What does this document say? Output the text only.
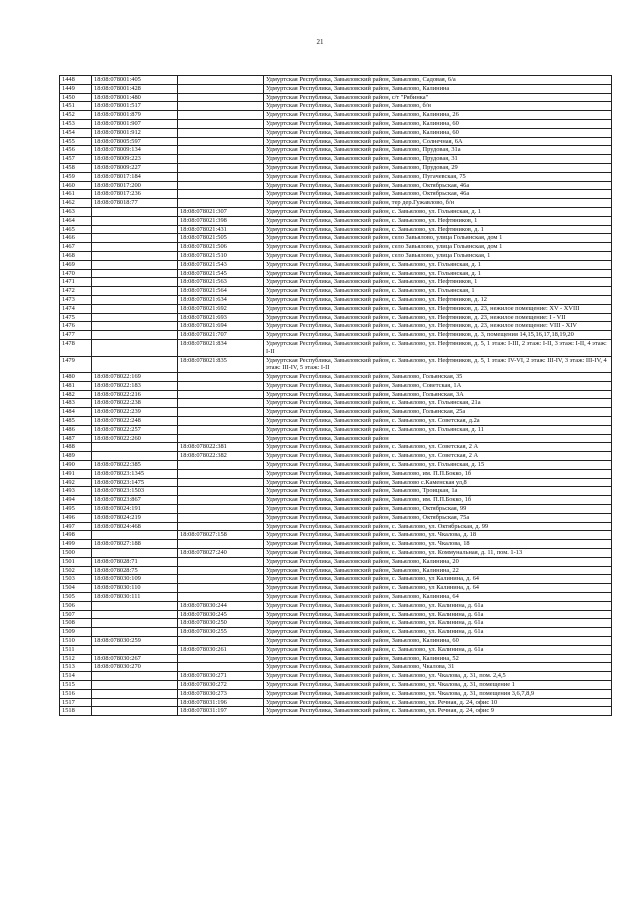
21
1448	18:08:078001:405		Удмуртская Республика, Завьяловский район, Завьялово, Садовая, 6/а
1449	18:08:078001:428		Удмуртская Республика, Завьяловский район, Завьялово, Калинина
1450	18:08:078001:480		Удмуртская Республика, Завьяловский район, с/т "Рябинка"
1451	18:08:078001:517		Удмуртская Республика, Завьяловский район, Завьялово, б/н
1452	18:08:078001:879		Удмуртская Республика, Завьяловский район, Завьялово, Калинина, 26
1453	18:08:078001:907		Удмуртская Республика, Завьяловский район, Завьялово, Калинина, 60
1454	18:08:078001:912		Удмуртская Республика, Завьяловский район, Завьялово, Калинина, 60
1455	18:08:078005:597		Удмуртская Республика, Завьяловский район, Завьялово, Солнечная, 6А
1456	18:08:078009:134		Удмуртская Республика, Завьяловский район, Завьялово, Прудовая, 31а
1457	18:08:078009:223		Удмуртская Республика, Завьяловский район, Завьялово, Прудовая, 31
1458	18:08:078009:227		Удмуртская Республика, Завьяловский район, Завьялово, Прудовая, 29
1459	18:08:078017:184		Удмуртская Республика, Завьяловский район, Завьялово, Пугачевская, 75
1460	18:08:078017:200		Удмуртская Республика, Завьяловский район, Завьялово, Октябрьская, 46а
1461	18:08:078017:236		Удмуртская Республика, Завьяловский район, Завьялово, Октябрьская, 46а
1462	18:08:078018:77		Удмуртская Республика, Завьяловский район, тер дер.Гужавлово, б/н
1463		18:08:078021:307	Удмуртская Республика, Завьяловский район, с. Завьялово, ул. Гольянская, д. 1
1464		18:08:078021:398	Удмуртская Республика, Завьяловский район, с. Завьялово, ул. Нефтяников, 1
1465		18:08:078021:431	Удмуртская Республика, Завьяловский район, с. Завьялово, ул. Нефтяников, д. 1
1466		18:08:078021:505	Удмуртская Республика, Завьяловский район, село Завьялово, улица Гольянская, дом 1
1467		18:08:078021:506	Удмуртская Республика, Завьяловский район, село Завьялово, улица Гольянская, дом 1
1468		18:08:078021:510	Удмуртская Республика, Завьяловский район, село Завьялово, улица Гольянская, 1
1469		18:08:078021:543	Удмуртская Республика, Завьяловский район, с. Завьялово, ул. Гольянская, д. 1
1470		18:08:078021:545	Удмуртская Республика, Завьяловский район, с. Завьялово, ул. Гольянская, д. 1
1471		18:08:078021:563	Удмуртская Республика, Завьяловский район, с. Завьялово, ул. Нефтяников, 1
1472		18:08:078021:564	Удмуртская Республика, Завьяловский район, с. Завьялово, ул. Гольянская, 1
1473		18:08:078021:634	Удмуртская Республика, Завьяловский район, с. Завьялово, ул. Нефтяников, д. 12
1474		18:08:078021:692	Удмуртская Республика, Завьяловский район, с. Завьялово, ул. Нефтяников, д. 23, нежилое помещение: XV - XVIII
1475		18:08:078021:693	Удмуртская Республика, Завьяловский район, с. Завьялово, ул. Нефтяников, д. 23, нежилое помещение: I - VII
1476		18:08:078021:694	Удмуртская Республика, Завьяловский район, с. Завьялово, ул. Нефтяников, д. 23, нежилое помещение: VIII - XIV
1477		18:08:078021:707	Удмуртская Республика, Завьяловский район, с. Завьялово, ул. Нефтяников, д. 3, помещения 14,15,16,17,18,19,20
1478		18:08:078021:834	Удмуртская Республика, Завьяловский район, с. Завьялово, ул. Нефтяников, д. 5, 1 этаж: I-III, 2 этаж: I-II, 3 этаж: I-II, 4 этаж: I-II
1479		18:08:078021:835	Удмуртская Республика, Завьяловский район, с. Завьялово, ул. Нефтяников, д. 5, 1 этаж: IV-VI, 2 этаж: III-IV, 3 этаж: III-IV, 4 этаж: III-IV, 5 этаж: I-II
1480	18:08:078022:169		Удмуртская Республика, Завьяловский район, Завьялово, Гольянская, 35
1481	18:08:078022:183		Удмуртская Республика, Завьяловский район, Завьялово, Советская, 1А
1482	18:08:078022:216		Удмуртская Республика, Завьяловский район, Завьялово, Гольянская, 3А
1483	18:08:078022:238		Удмуртская Республика, Завьяловский район, с. Завьялово, ул. Гольянская, 21а
1484	18:08:078022:239		Удмуртская Республика, Завьяловский район, Завьялово, Гольянская, 25а
1485	18:08:078022:248		Удмуртская Республика, Завьяловский район, с. Завьялово, ул. Советская, д.2а
1486	18:08:078022:257		Удмуртская Республика, Завьяловский район, с. Завьялово, ул. Гольянская, д. 11
1487	18:08:078022:260		Удмуртская Республика, Завьяловский район
1488		18:08:078022:381	Удмуртская Республика, Завьяловский район, с. Завьялово, ул. Советская, 2 А
1489		18:08:078022:382	Удмуртская Республика, Завьяловский район, с. Завьялово, ул. Советская, 2 А
1490	18:08:078022:385		Удмуртская Республика, Завьяловский район, с. Завьялово, ул. Гольянская, д. 15
1491	18:08:078023:1345		Удмуртская Республика, Завьяловский район, Завьялово, им. П.П.Бокко, 1б
1492	18:08:078023:1475		Удмуртская Республика, Завьяловский район, Завьялово с.Каменская ул,8
1493	18:08:078023:1503		Удмуртская Республика, Завьяловский район, Завьялово, Троицкая, 1а
1494	18:08:078023:867		Удмуртская Республика, Завьяловский район, Завьялово, им. П.П.Бокко, 1б
1495	18:08:078024:191		Удмуртская Республика, Завьяловский район, Завьялово, Октябрьская, 99
1496	18:08:078024:219		Удмуртская Республика, Завьяловский район, Завьялово, Октябрьская, 75а
1497	18:08:078024:468		Удмуртская Республика, Завьяловский район, с. Завьялово, ул. Октябрьская, д. 99
1498		18:08:078027:158	Удмуртская Республика, Завьяловский район, с. Завьялово, ул. Чкалова, д. 18
1499	18:08:078027:188		Удмуртская Республика, Завьяловский район, с. Завьялово, ул. Чкалова, 18
1500		18:08:078027:240	Удмуртская Республика, Завьяловский район, с. Завьялово, ул. Коммунальная, д. 11, пом. 1-13
1501	18:08:078028:71		Удмуртская Республика, Завьяловский район, Завьялово, Калинина, 20
1502	18:08:078028:75		Удмуртская Республика, Завьяловский район, Завьялово, Калинина, 22
1503	18:08:078030:109		Удмуртская Республика, Завьяловский район, с. Завьялово, ул Калинина, д. 64
1504	18:08:078030:110		Удмуртская Республика, Завьяловский район, с. Завьялово, ул Калинина, д. 64
1505	18:08:078030:111		Удмуртская Республика, Завьяловский район, Завьялово, Калинина, 64
1506		18:08:078030:244	Удмуртская Республика, Завьяловский район, с. Завьялово, ул. Калинина, д. 61а
1507		18:08:078030:245	Удмуртская Республика, Завьяловский район, с. Завьялово, ул. Калинина, д. 61а
1508		18:08:078030:250	Удмуртская Республика, Завьяловский район, с. Завьялово, ул. Калинина, д. 61а
1509		18:08:078030:255	Удмуртская Республика, Завьяловский район, с. Завьялово, ул. Калинина, д. 61а
1510	18:08:078030:259		Удмуртская Республика, Завьяловский район, Завьялово, Калинина, 60
1511		18:08:078030:261	Удмуртская Республика, Завьяловский район, с. Завьялово, ул. Калинина, д. 61а
1512	18:08:078030:267		Удмуртская Республика, Завьяловский район, Завьялово, Калинина, 52
1513	18:08:078030:270		Удмуртская Республика, Завьяловский район, Завьялово, Чкалова, 31
1514		18:08:078030:271	Удмуртская Республика, Завьяловский район, с. Завьялово, ул. Чкалова, д. 31, пом. 2,4,5
1515		18:08:078030:272	Удмуртская Республика, Завьяловский район, с. Завьялово, ул. Чкалова, д. 31, помещение 1
1516		18:08:078030:273	Удмуртская Республика, Завьяловский район, с. Завьялово, ул. Чкалова, д. 31, помещения 3,6,7,8,9
1517		18:08:078031:196	Удмуртская Республика, Завьяловский район, с. Завьялово, ул. Речная, д. 24, офис 10
1518		18:08:078031:197	Удмуртская Республика, Завьяловский район, с. Завьялово, ул. Речная, д. 24, офис 9
